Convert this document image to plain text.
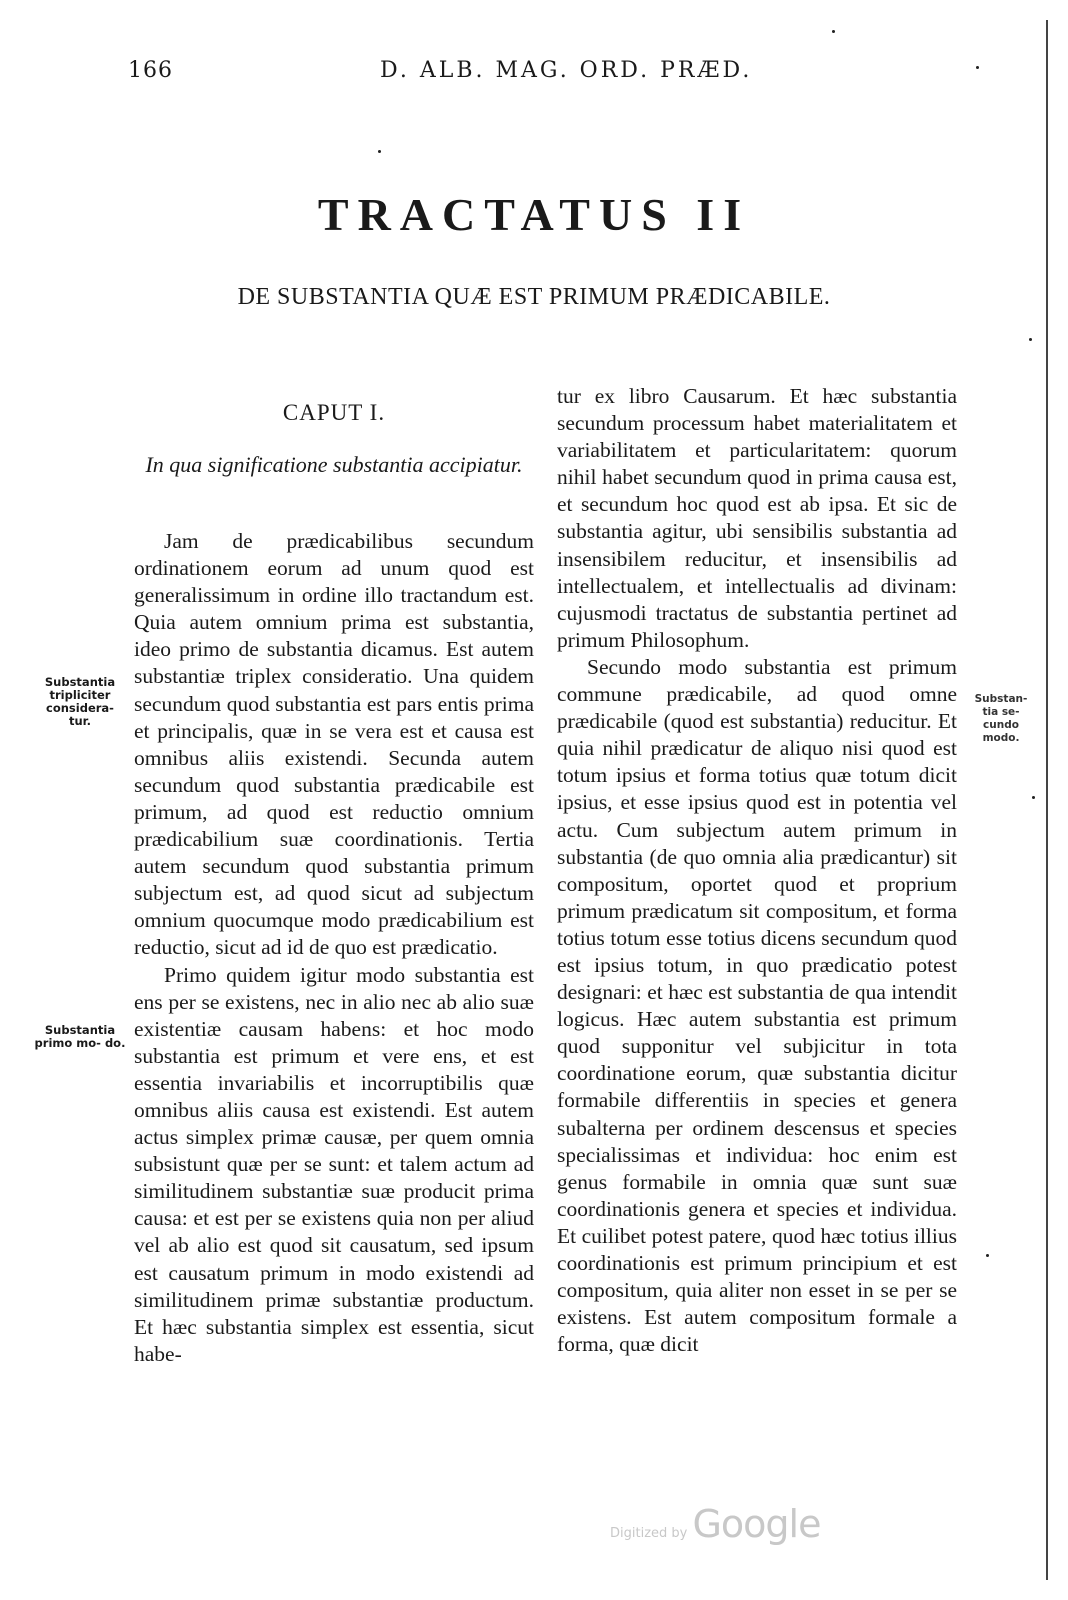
166	D. ALB. MAG. ORD. PRÆD.
TRACTATUS II
DE SUBSTANTIA QUÆ EST PRIMUM PRÆDICABILE.
CAPUT I.
In qua significatione substantia accipiatur.

Jam de prædicabilibus secundum ordinationem eorum ad unum quod est generalissimum in ordine illo tractandum est. Quia autem omnium prima est substantia, ideo primo de substantia dicamus. Est autem substantiæ triplex consideratio. Una quidem secundum quod substantia est pars entis prima et principalis, quæ in se vera est et causa est omnibus aliis existendi. Secunda autem secundum quod substantia prædicabile est primum, ad quod est reductio omnium prædicabilium suæ coordinationis. Tertia autem secundum quod substantia primum subjectum est, ad quod sicut ad subjectum omnium quocumque modo prædicabilium est reductio, sicut ad id de quo est prædicatio.

Primo quidem igitur modo substantia est ens per se existens, nec in alio nec ab alio suæ existentiæ causam habens: et hoc modo substantia est primum et vere ens, et est essentia invariabilis et incorruptibilis quæ omnibus aliis causa est existendi. Est autem actus simplex primæ causæ, per quem omnia subsistunt quæ per se sunt: et talem actum ad similitudinem substantiæ suæ producit prima causa: et est per se existens quia non per aliud vel ab alio est quod sit causatum, sed ipsum est causatum primum in modo existendi ad similitudinem primæ substantiæ productum. Et hæc substantia simplex est essentia, sicut habe-

tur ex libro Causarum. Et hæc substantia secundum processum habet materialitatem et variabilitatem et particularitatem: quorum nihil habet secundum quod in prima causa est, et secundum hoc quod est ab ipsa. Et sic de substantia agitur, ubi sensibilis substantia ad insensibilem reducitur, et insensibilis ad intellectualem, et intellectualis ad divinam: cujusmodi tractatus de substantia pertinet ad primum Philosophum.

Secundo modo substantia est primum commune prædicabile, ad quod omne prædicabile (quod est substantia) reducitur. Et quia nihil prædicatur de aliquo nisi quod est totum ipsius et forma totius quæ totum dicit ipsius, et esse ipsius quod est in potentia vel actu. Cum subjectum autem primum in substantia (de quo omnia alia prædicantur) sit compositum, oportet quod et proprium primum prædicatum sit compositum, et forma totius totum esse totius dicens secundum quod est ipsius totum, in quo prædicatio potest designari: et hæc est substantia de qua intendit logicus. Hæc autem substantia est primum quod supponitur vel subjicitur in tota coordinatione eorum, quæ substantia dicitur formabile differentiis in species et genera subalterna per ordinem descensus et species specialissimas et individua: hoc enim est genus formabile in omnia quæ sunt suæ coordinationis genera et species et individua. Et cuilibet potest patere, quod hæc totius illius coordinationis est primum principium et est compositum, quia aliter non esset in se per se existens. Est autem compositum formale a forma, quæ dicit

Substantia tripliciter considera- tur.
Substantia primo mo- do.
Substan- tia se- cundo modo.
Digitized by Google
